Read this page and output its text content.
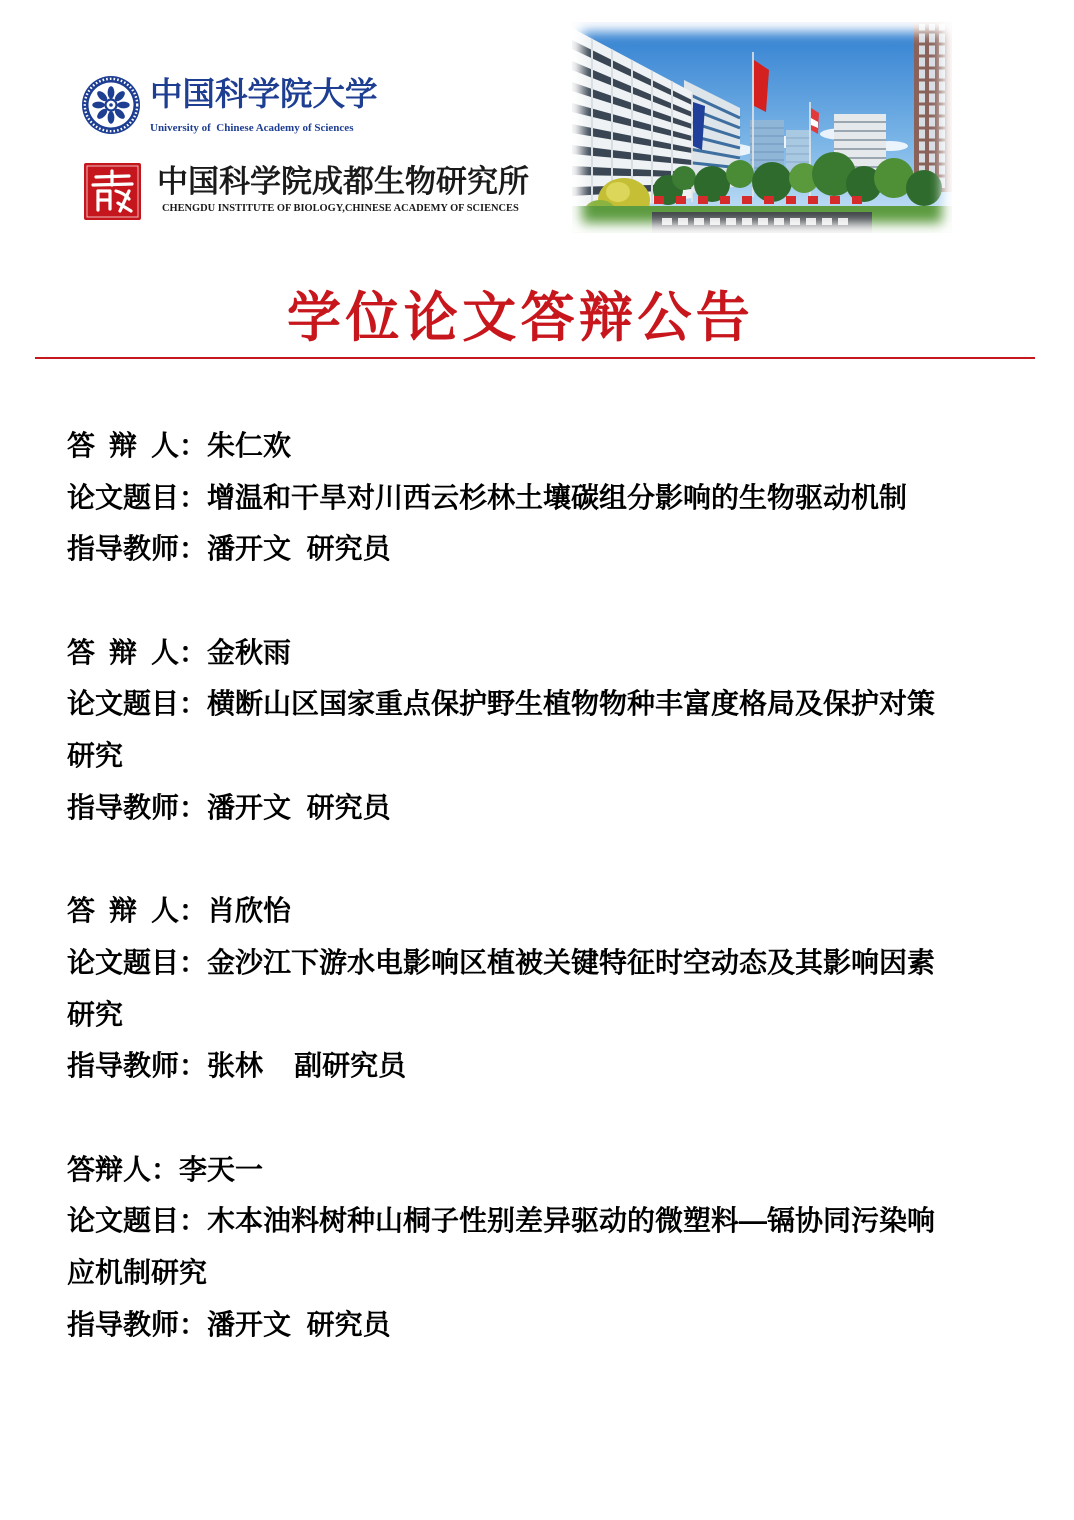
中国科学院大学
University of  Chinese Academy of Sciences
中国科学院成都生物研究所
CHENGDU INSTITUTE OF BIOLOGY,CHINESE ACADEMY OF SCIENCES
学位论文答辩公告
答 辩 人：朱仁欢
论文题目：增温和干旱对川西云杉林土壤碳组分影响的生物驱动机制
指导教师：潘开文  研究员
答 辩 人：金秋雨
论文题目：横断山区国家重点保护野生植物物种丰富度格局及保护对策
研究
指导教师：潘开文  研究员
答 辩 人：肖欣怡
论文题目：金沙江下游水电影响区植被关键特征时空动态及其影响因素
研究
指导教师：张林    副研究员
答辩人：李天一
论文题目：木本油料树种山桐子性别差异驱动的微塑料—镉协同污染响
应机制研究
指导教师：潘开文  研究员
